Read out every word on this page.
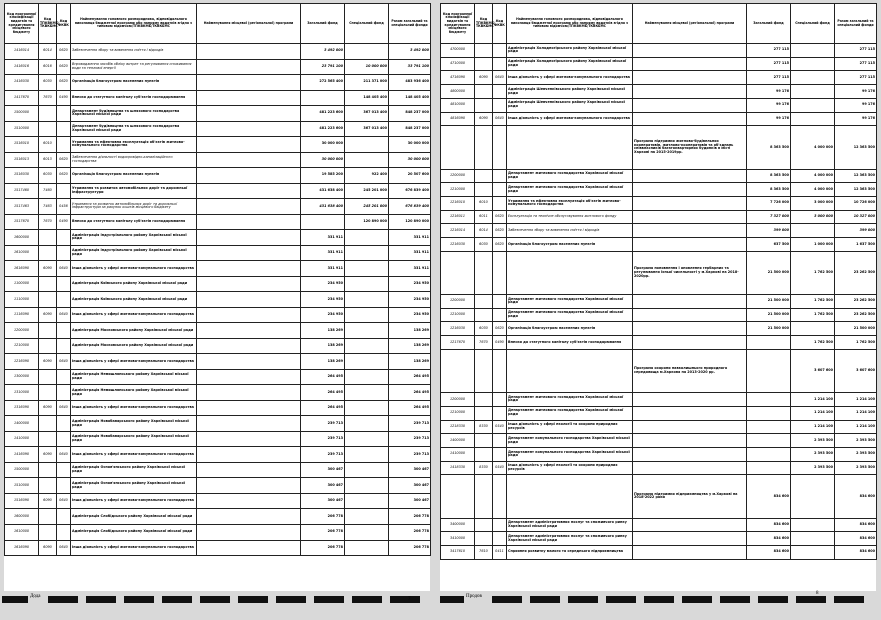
Код програмної класифікації видатків та кредитування місцевого бюджету	Код ТПКВКМБ/ ТКВКБМС	Код ФКВК	Найменування головного розпорядника, відповідального виконавця бюджетної програми або напряму видатків згідно з типовою відомчою/ТПКВКМБ/ТКВКБМС	Найменування місцевої (регіональної) програми	Загальний фонд	Спеціальний фонд	Разом загальний та спеціальний фонди
1416014	6014	0620	Забезпечення збору та вивезення сміття і відходів		3 492 000		3 492 000
1416016	6016	0620	Впровадження засобів обліку витрат та регулювання споживання води та теплової енергії		23 791 100	10 000 000	33 791 100
1416030	6030	0620	Організація благоустрою населених пунктів		272 565 400	211 371 000	483 936 400
1417670	7670	0490	Внески до статутного капіталу суб'єктів господарювання			148 405 400	148 405 400
1500000			Департамент будівництва та шляхового господарства Харківської міської ради		481 223 600	367 013 400	848 237 000
1510000			Департамент будівництва та шляхового господарства Харківської міської ради		481 223 600	367 013 400	848 237 000
1516010	6010		Утримання та ефективна експлуатація об'єктів житлово-комунального господарства		30 000 000		30 000 000
1516013	6013	0620	Забезпечення діяльності водопровідно-каналізаційного господарства		30 000 000		30 000 000
1516030	6030	0620	Організація благоустрою населених пунктів		19 585 200	922 400	20 507 600
1517460	7460		Утримання та розвиток автомобільних доріг та дорожньої інфраструктури		431 638 400	245 201 000	676 839 400
1517463	7463	0456	Утримання та розвиток автомобільних доріг та дорожньої інфраструктури за рахунок коштів місцевого бюджету		431 638 400	245 201 000	676 839 400
1517670	7670	0490	Внески до статутного капіталу суб'єктів господарювання			120 890 000	120 890 000
1600000			Адміністрація Індустріального району Харківської міської ради		331 911		331 911
1610000			Адміністрація Індустріального району Харківської міської ради		331 911		331 911
1616090	6090	0640	Інша діяльність у сфері житлово-комунального господарства		331 911		331 911
1100000			Адміністрація Київського району Харківської міської ради		234 950		234 950
1110000			Адміністрація Київського району Харківської міської ради		234 950		234 950
1116090	6090	0640	Інша діяльність у сфері житлово-комунального господарства		234 950		234 950
1200000			Адміністрація Московського району Харківської міської ради		138 269		138 269
1210000			Адміністрація Московського району Харківської міської ради		138 269		138 269
1216090	6090	0640	Інша діяльність у сфері житлово-комунального господарства		138 269		138 269
1300000			Адміністрація Немишлянського району Харківської міської ради		264 495		264 495
1310000			Адміністрація Немишлянського району Харківської міської ради		264 495		264 495
1316090	6090	0640	Інша діяльність у сфері житлово-комунального господарства		264 495		264 495
1400000			Адміністрація Новобаварського району Харківської міської ради		239 713		239 713
1410000			Адміністрація Новобаварського району Харківської міської ради		239 713		239 713
1416090	6090	0640	Інша діяльність у сфері житлово-комунального господарства		239 713		239 713
1500000			Адміністрація Основ'янського району Харківської міської ради		300 467		300 467
1510000			Адміністрація Основ'янського району Харківської міської ради		300 467		300 467
1516090	6090	0640	Інша діяльність у сфері житлово-комунального господарства		300 467		300 467
1600000			Адміністрація Слобідського району Харківської міської ради		206 778		206 778
1610000			Адміністрація Слобідського району Харківської міської ради		206 778		206 778
1616090	6090	0640	Інша діяльність у сфері житлово-комунального господарства		206 778		206 778
Код програмної класифікації видатків та кредитування місцевого бюджету	Код ТПКВКМБ/ ТКВКБМС	Код ФКВК	Найменування головного розпорядника, відповідального виконавця бюджетної програми або напряму видатків згідно з типовою відомчою/ТПКВКМБ/ТКВКБМС	Найменування місцевої (регіональної) програми	Загальний фонд	Спеціальний фонд	Разом загальний та спеціальний фонди
4700000			Адміністрація Холодногірського району Харківської міської ради		277 115		277 115
4710000			Адміністрація Холодногірського району Харківської міської ради		277 115		277 115
4716090	6090	0640	Інша діяльність у сфері житлово-комунального господарства		277 115		277 115
4800000			Адміністрація Шевченківського району Харківської міської ради		99 176		99 176
4810000			Адміністрація Шевченківського району Харківської міської ради		99 176		99 176
4816090	6090	0640	Інша діяльність у сфері житлово-комунального господарства		99 176		99 176
				Програма підтримки житлово-будівельних кооперативів, житлово-кооперативів та об'єднань співвласників багатоквартирних будинків в місті Харкові на 2015-2019рр.	8 363 500	4 000 000	12 363 500
1200000			Департамент житлового господарства Харківської міської ради		8 363 500	4 000 000	12 363 500
1210000			Департамент житлового господарства Харківської міської ради		8 363 500	4 000 000	12 363 500
1216010	6010		Утримання та ефективна експлуатація об'єктів житлово-комунального господарства		7 726 000	3 000 000	10 726 000
1216011	6011	0620	Експлуатація та технічне обслуговування житлового фонду		7 327 000	3 000 000	10 327 000
1216014	6014	0620	Забезпечення збору та вивезення сміття і відходів		399 000		399 000
1216030	6030	0620	Організація благоустрою населених пунктів		637 500	1 000 000	1 637 500
				Програма поповнення і оновлення гербарних та регулювання їхньої чисельності у м.Харкові на 2018-2020рр.	21 500 000	1 762 500	23 262 500
1200000			Департамент житлового господарства Харківської міської ради		21 500 000	1 762 500	23 262 500
1210000			Департамент житлового господарства Харківської міської ради		21 500 000	1 762 500	23 262 500
1216030	6030	0620	Організація благоустрою населених пунктів		21 500 000		21 500 000
1217670	7670	0490	Внески до статутного капіталу суб'єктів господарювання			1 762 500	1 762 500
				Програма охорони навколишнього природного середовища м.Харкова на 2013-2020 рр.		3 607 600	3 607 600
1200000			Департамент житлового господарства Харківської міської ради			1 214 100	1 214 100
1210000			Департамент житлового господарства Харківської міської ради			1 214 100	1 214 100
1218330	8330	0540	Інша діяльність у сфері екології та охорони природних ресурсів			1 214 100	1 214 100
1400000			Департамент комунального господарства Харківської міської ради			2 393 500	2 393 500
1410000			Департамент комунального господарства Харківської міської ради			2 393 500	2 393 500
1418330	8330	0540	Інша діяльність у сфері екології та охорони природних ресурсів			2 393 500	2 393 500
				Програма підтримки підприємництва у м.Харкові на 2018-2022 роки	834 600		834 600
3400000			Департамент адміністративних послуг та споживчого ринку Харківської міської ради		834 600		834 600
3410000			Департамент адміністративних послуг та споживчого ринку Харківської міської ради		834 600		834 600
3417610	7610	0411	Сприяння розвитку малого та середнього підприємництва		834 600		834 600
Дода
7
Продов
8
